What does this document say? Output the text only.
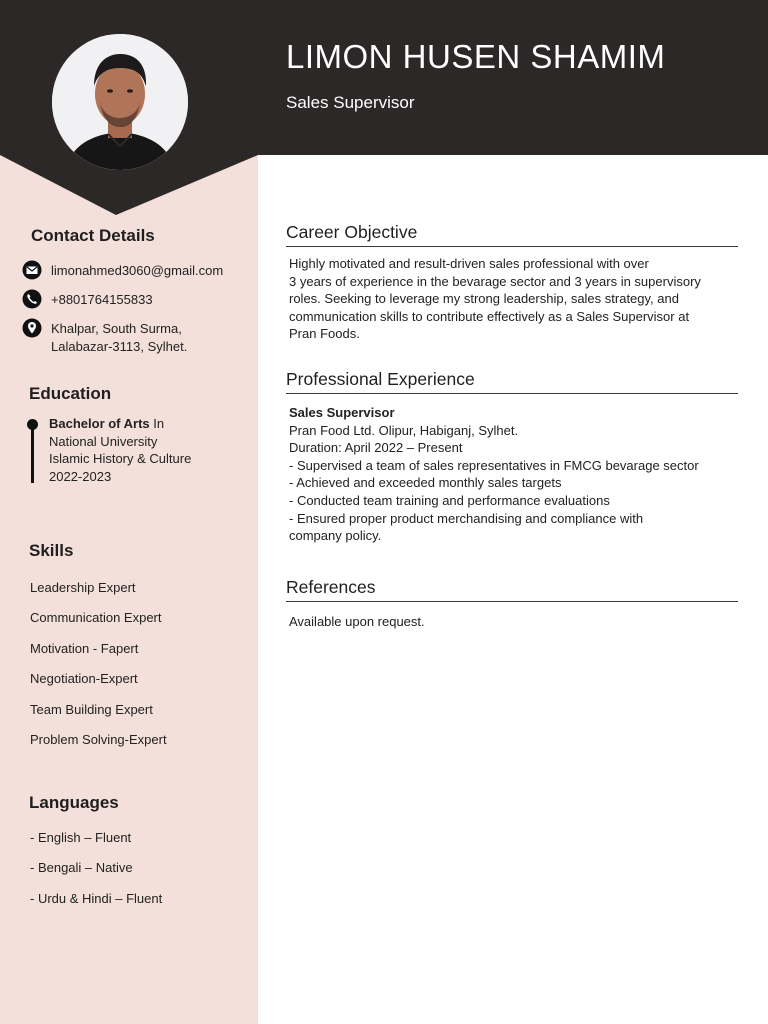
LIMON HUSEN SHAMIM
Sales Supervisor
Contact Details
limonahmed3060@gmail.com
+8801764155833
Khalpar, South Surma,
Lalabazar-3113, Sylhet.
Education
Bachelor of Arts In
National University
Islamic History & Culture
2022-2023
Skills
Leadership Expert
Communication Expert
Motivation - Fapert
Negotiation-Expert
Team Building Expert
Problem Solving-Expert
Languages
- English – Fluent
- Bengali – Native
- Urdu & Hindi – Fluent
Career Objective
Highly motivated and result-driven sales professional with over
3 years of experience in the bevarage sector and 3 years in supervisory
roles. Seeking to leverage my strong leadership, sales strategy, and
communication skills to contribute effectively as a Sales Supervisor at
Pran Foods.
Professional Experience
Sales Supervisor
Pran Food Ltd. Olipur, Habiganj, Sylhet.
Duration: April 2022 – Present
- Supervised a team of sales representatives in FMCG bevarage sector
- Achieved and exceeded monthly sales targets
- Conducted team training and performance evaluations
- Ensured proper product merchandising and compliance with
company policy.
References
Available upon request.
